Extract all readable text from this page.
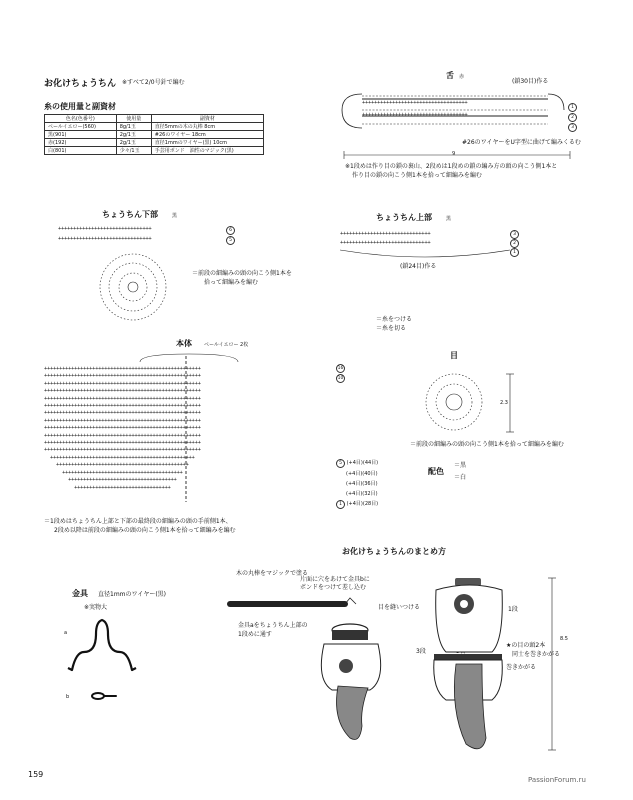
お化けちょうちん ※すべて2/0号針で編む
糸の使用量と副資材
色名(色番号)	使用量	副資材
ペールイエロー(560)	8g/1玉	直径5mmの木の丸棒 8cm
黒(901)	2g/1玉	#26のワイヤー 18cm
赤(192)	2g/1玉	直径1mmのワイヤー(黒) 10cm
白(801)	少々/1玉	手芸用ボンド　油性のマジック(黒)
舌 赤
(鎖30目)作る
+++++++++++++++++++++++++++++++++++
+++++++++++++++++++++++++++++++++++
1
2
3
#26のワイヤーをU字型に曲げて編みくるむ
9
※1段めは作り目の鎖の裏山、2段めは1段めの鎖の編み方の頭の向こう側1本と
作り目の鎖の向こう側1本を拾って細編みを編む
ちょうちん下部	黒
+++++++++++++++++++++++++++++++
+++++++++++++++++++++++++++++++
6
5
＝前段の細編みの頭の向こう側1本を
拾って細編みを編む
ちょうちん上部	黒
++++++++++++++++++++++++++++++
++++++++++++++++++++++++++++++
3
2
1
(鎖24目)作る
＝糸をつける
＝糸を切る
本体 ペールイエロー 2枚
++++++++++++++++++++++++++++++++++++++++++++++++++++
++++++++++++++++++++++++++++++++++++++++++++++++++++
++++++++++++++++++++++++++++++++++++++++++++++++++++
++++++++++++++++++++++++++++++++++++++++++++++++++++
++++++++++++++++++++++++++++++++++++++++++++++++++++
++++++++++++++++++++++++++++++++++++++++++++++++++++
++++++++++++++++++++++++++++++++++++++++++++++++++++
++++++++++++++++++++++++++++++++++++++++++++++++++++
++++++++++++++++++++++++++++++++++++++++++++++++++++
++++++++++++++++++++++++++++++++++++++++++++++++++++
++++++++++++++++++++++++++++++++++++++++++++++++++++
++++++++++++++++++++++++++++++++++++++++++++++++++++
++++++++++++++++++++++++++++++++++++++++++++++++
++++++++++++++++++++++++++++++++++++++++++++
++++++++++++++++++++++++++++++++++++++++
++++++++++++++++++++++++++++++++++++
++++++++++++++++++++++++++++++++
16
10
5 (+4目)(44目)
(+4目)(40目)
(+4目)(36目)
(+4目)(32目)
1 (+4目)(28目)
＝1段めはちょうちん上部と下部の最終段の細編みの頭の手前側1本、
2段め以降は前段の細編みの頭の向こう側1本を拾って細編みを編む
目
2.3
＝前段の細編みの頭の向こう側1本を拾って細編みを編む
配色
＝黒
＝白
お化けちょうちんのまとめ方
木の丸棒をマジックで塗る
片面に穴をあけて金具bに
ボンドをつけて差し込む
金具aをちょうちん上部の
1段めに通す
目を縫いつける	1段
3段
★の目の頭2本
同士を巻きかがる
巻きかがる
8.5
金具 直径1mmのワイヤー(黒)
※実物大
a
b
159
PassionForum.ru
